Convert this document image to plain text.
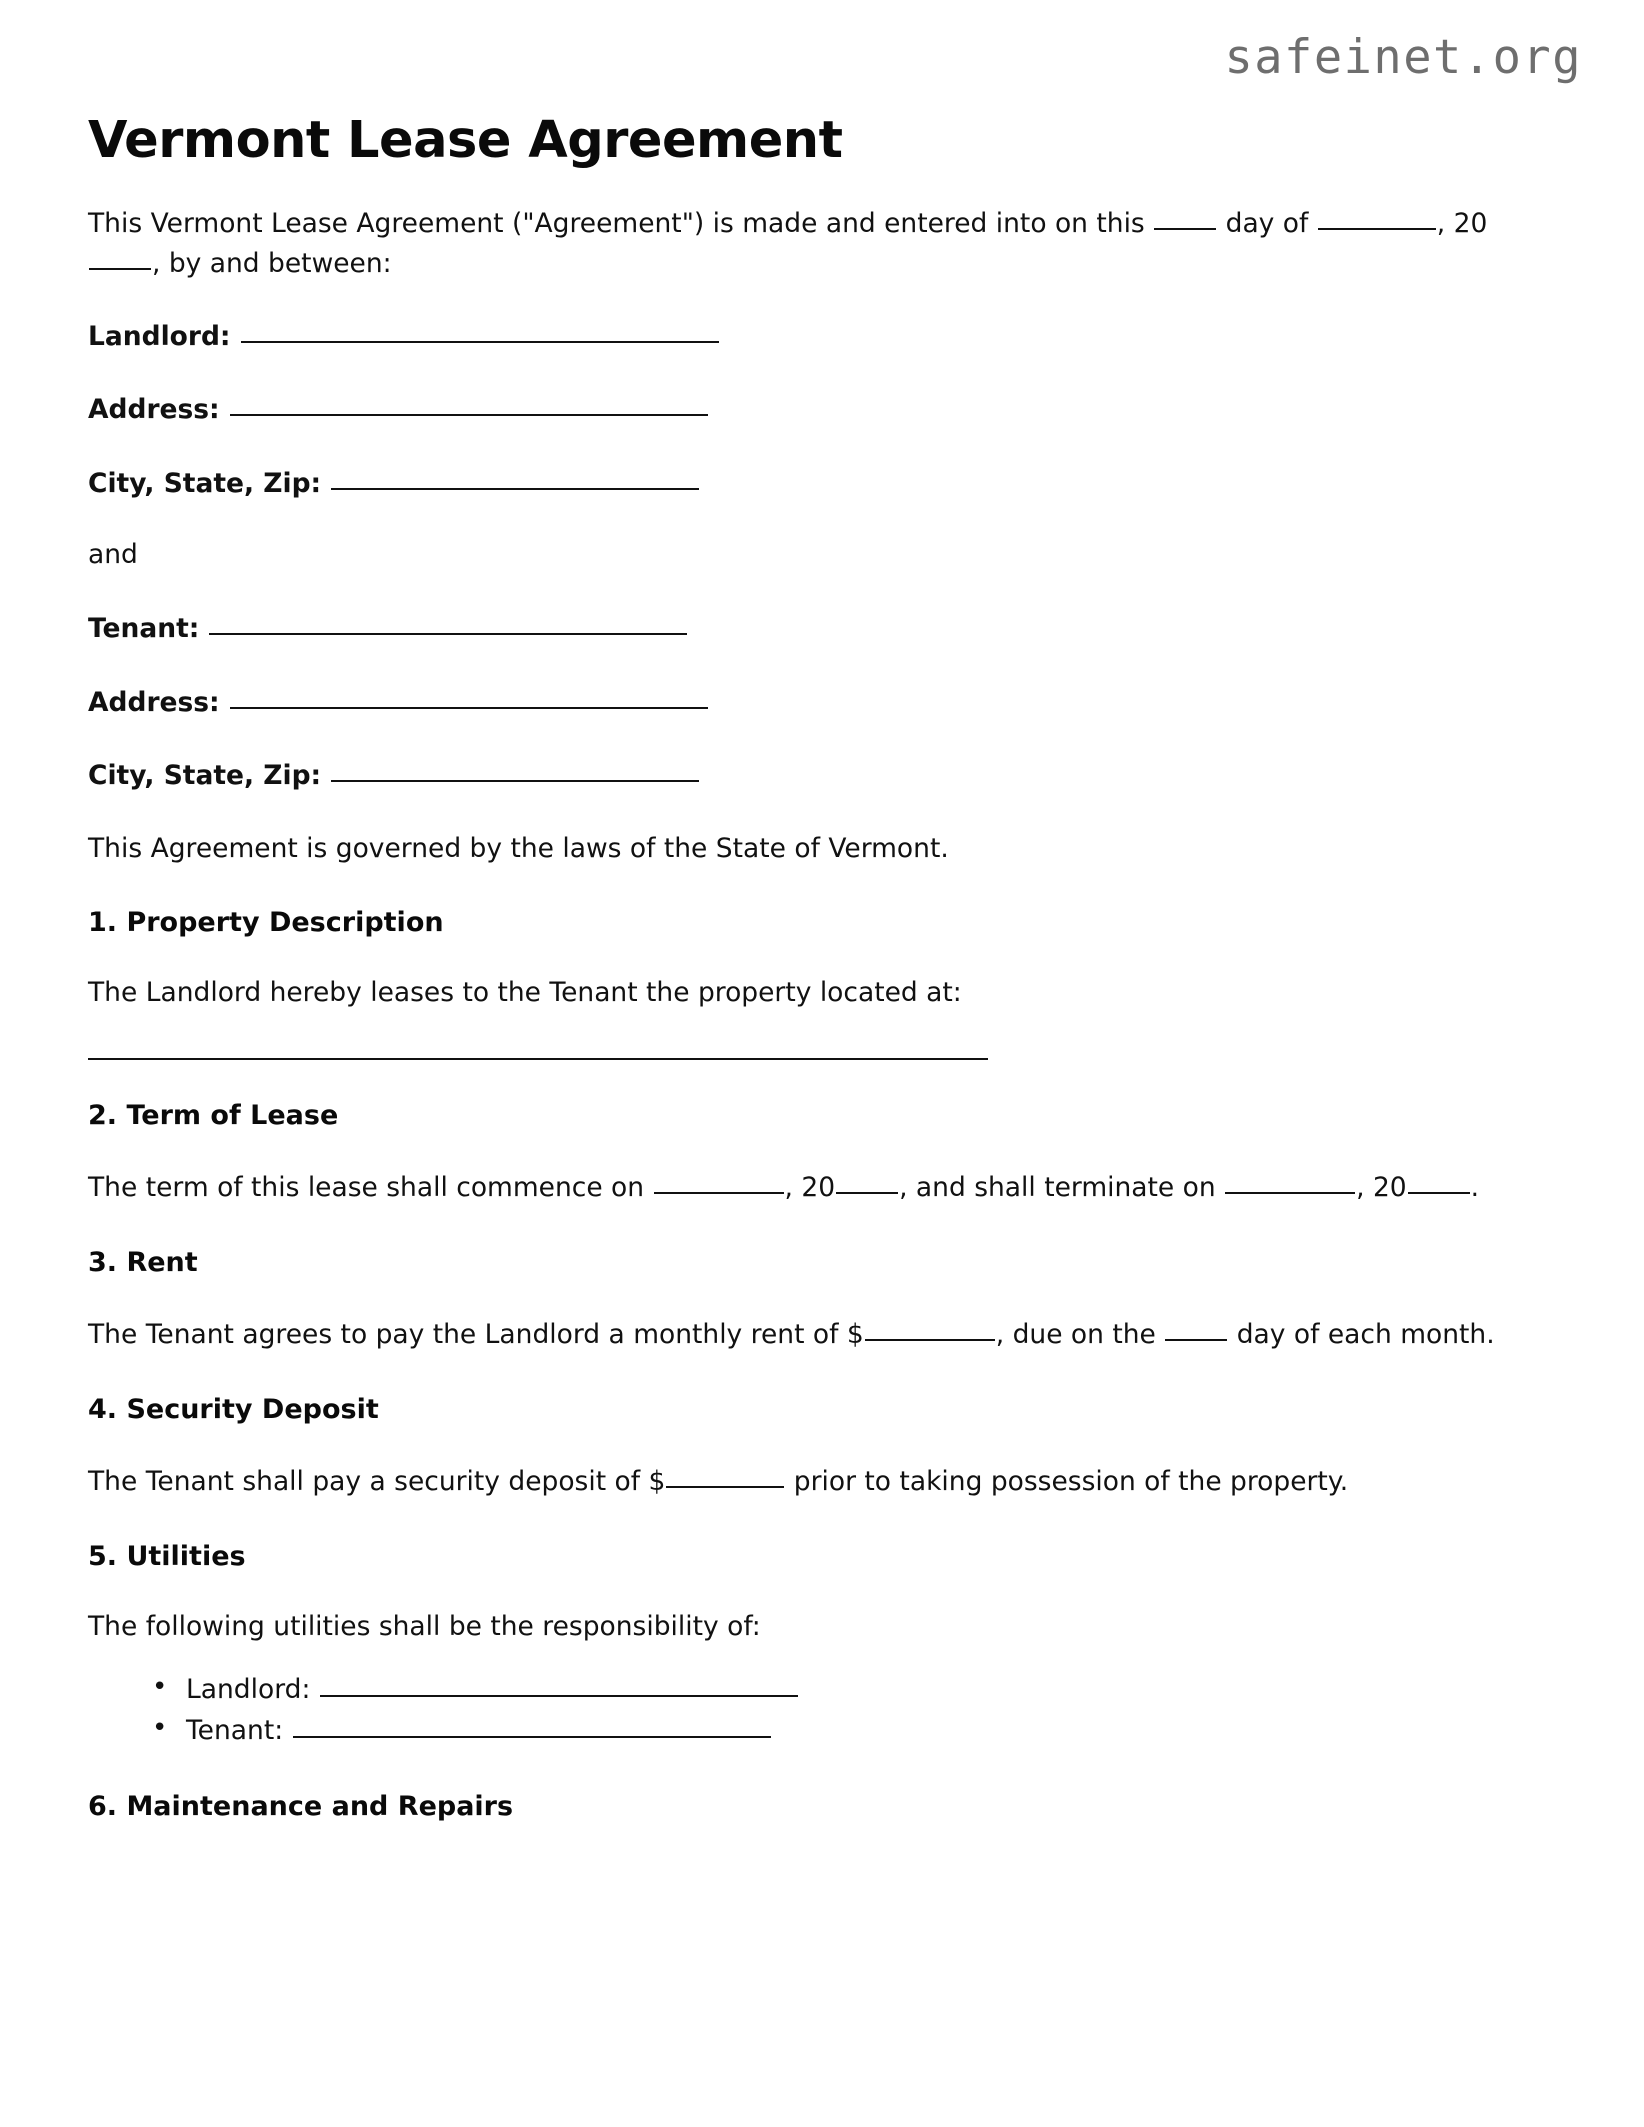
safeinet.org
Vermont Lease Agreement

This Vermont Lease Agreement ("Agreement") is made and entered into on this	day of	, 20, by and between:

Landlord:

Address:

City, State, Zip:

and

Tenant:

Address:

City, State, Zip:

This Agreement is governed by the laws of the State of Vermont.

1. Property Description

The Landlord hereby leases to the Tenant the property located at:

2. Term of Lease

The term of this lease shall commence on	, 20 , and shall terminate on	, 20 .

3. Rent

The Tenant agrees to pay the Landlord a monthly rent of $	, due on the	day of each month.

4. Security Deposit

The Tenant shall pay a security deposit of $	prior to taking possession of the property.

5. Utilities

The following utilities shall be the responsibility of:

• Landlord:
• Tenant:
6. Maintenance and Repairs
